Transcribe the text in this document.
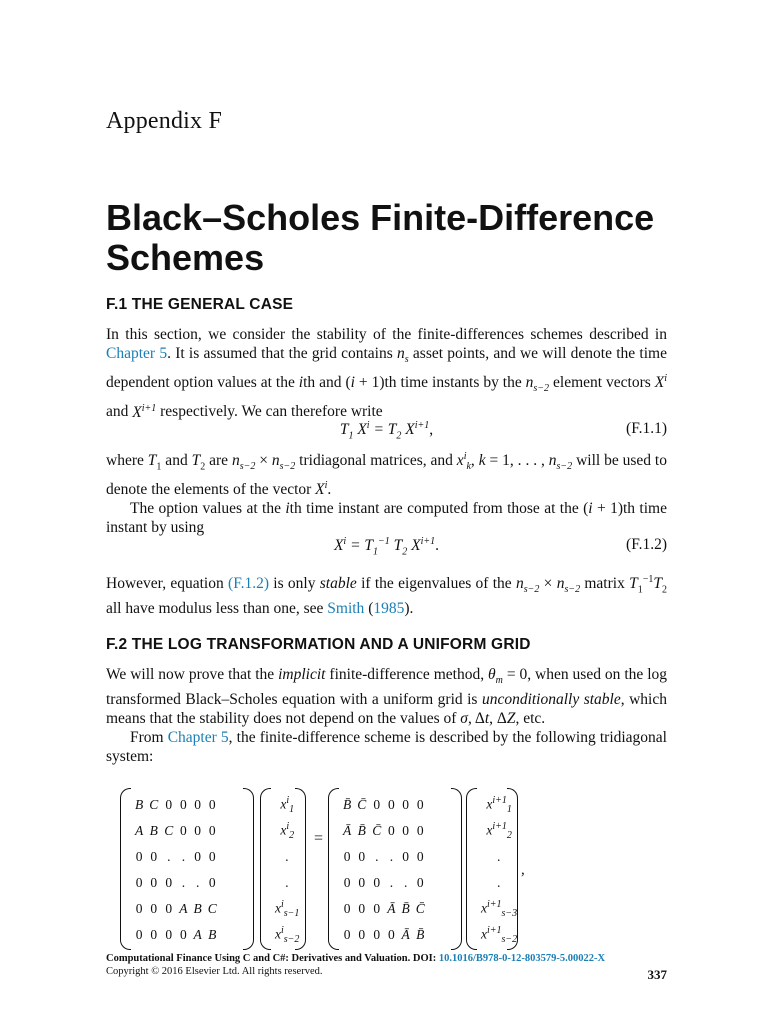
Appendix F
Black–Scholes Finite-Difference Schemes
F.1 THE GENERAL CASE

In this section, we consider the stability of the finite-differences schemes described in Chapter 5. It is assumed that the grid contains $n_s$ asset points, and we will denote the time dependent option values at the ith and (i + 1)th time instants by the $n_{s-2}$ element vectors $X^i$ and $X^{i+1}$ respectively. We can therefore write

$T_1$ $X^i = T_2$ $X^{i+1}$,	(F.1.1)

where $T_1$ and $T_2$ are $n_{s-2} \times n_{s-2}$ tridiagonal matrices, and $x^i_k$, k = 1, . . . , $n_{s-2}$ will be used to denote the elements of the vector $X^i$.

The option values at the ith time instant are computed from those at the (i + 1)th time instant by using

$X^i = T_1^{-1}$ $T_2$ $X^{i+1}$.	(F.1.2)

However, equation (F.1.2) is only stable if the eigenvalues of the $n_{s-2} \times n_{s-2}$ matrix $T_1^{-1}T_2$ all have modulus less than one, see Smith (1985).

F.2 THE LOG TRANSFORMATION AND A UNIFORM GRID

We will now prove that the implicit finite-difference method, $\theta_m = 0$, when used on the log transformed Black–Scholes equation with a uniform grid is unconditionally stable, which means that the stability does not depend on the values of σ, Δt, ΔZ, etc.

From Chapter 5, the finite-difference scheme is described by the following tridiagonal system:

B	C	0	0	0	0
A	B	C	0	0	0
0	0	.	.	0	0
0	0	0	.	.	0
0	0	0	A	B	C
0	0	0	0	A	B
$x^i_1$
$x^i_2$
.
.
$x^i_{s-1}$
$x^i_{s-2}$
=
B̄	C̄	0	0	0	0
Ā	B̄	C̄	0	0	0
0	0	.	.	0	0
0	0	0	.	.	0
0	0	0	Ā	B̄	C̄
0	0	0	0	Ā	B̄
$x^{i+1}_1$
$x^{i+1}_2$
.
.
$x^{i+1}_{s-3}$
$x^{i+1}_{s-2}$
,
Computational Finance Using C and C#: Derivatives and Valuation. DOI: 10.1016/B978-0-12-803579-5.00022-X
Copyright © 2016 Elsevier Ltd. All rights reserved.	337
